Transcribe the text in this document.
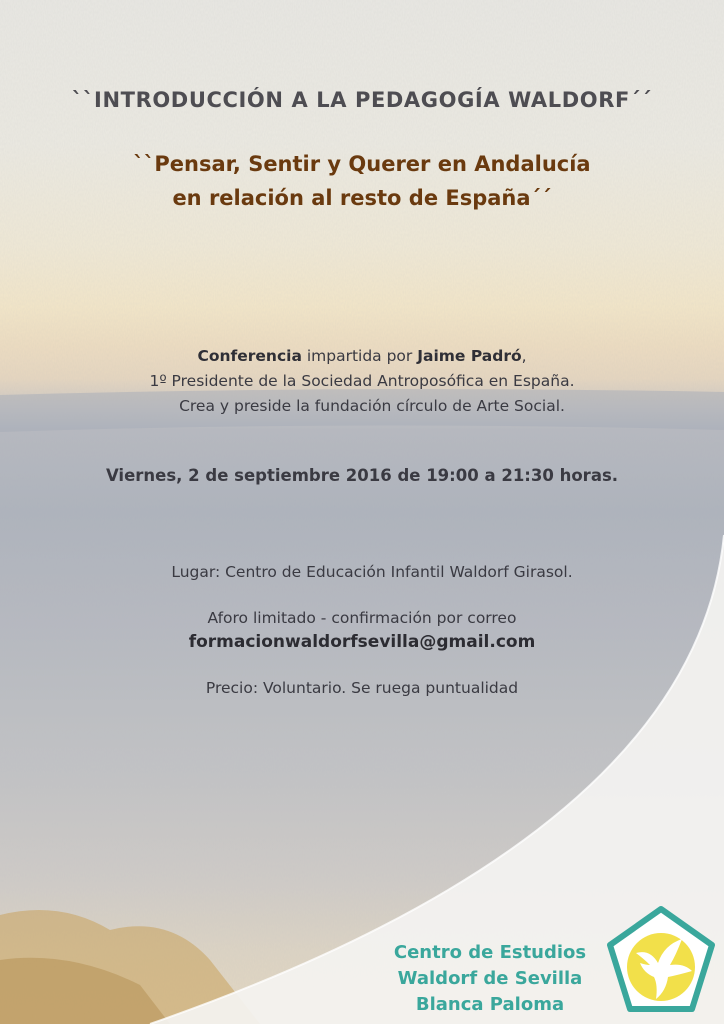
``INTRODUCCIÓN A LA PEDAGOGÍA WALDORF´´

``Pensar, Sentir y Querer en Andalucía

en relación al resto de España´´

Conferencia impartida por Jaime Padró,

1º Presidente de la Sociedad Antroposófica en España.

Crea y preside la fundación círculo de Arte Social.

Viernes, 2 de septiembre 2016 de 19:00 a 21:30 horas.

Lugar: Centro de Educación Infantil Waldorf Girasol.

Aforo limitado - confirmación por correo

formacionwaldorfsevilla@gmail.com

Precio: Voluntario. Se ruega puntualidad

Centro de Estudios
Waldorf de Sevilla
Blanca Paloma
